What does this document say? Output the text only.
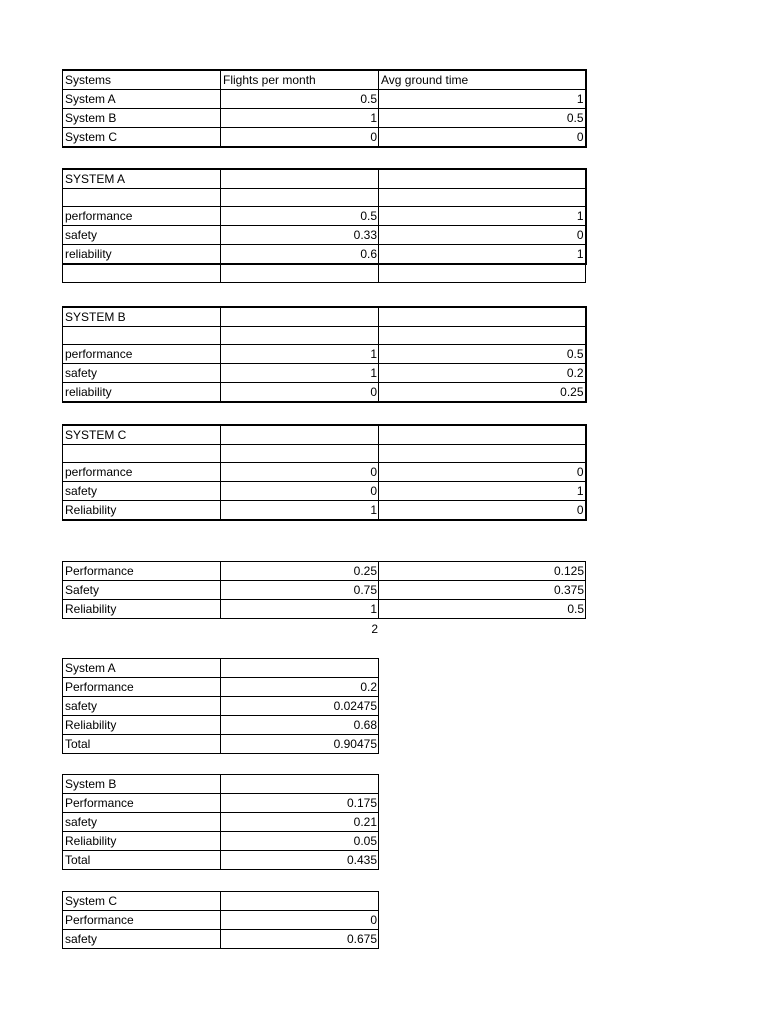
Systems	Flights per month	Avg ground time
System A	0.5	1
System B	1	0.5
System C	0	0
SYSTEM A		

performance	0.5	1
safety	0.33	0
reliability	0.6	1

SYSTEM B		

performance	1	0.5
safety	1	0.2
reliability	0	0.25
SYSTEM C		

performance	0	0
safety	0	1
Reliability	1	0
Performance	0.25	0.125
Safety	0.75	0.375
Reliability	1	0.5
2
System A	
Performance	0.2
safety	0.02475
Reliability	0.68
Total	0.90475
System B	
Performance	0.175
safety	0.21
Reliability	0.05
Total	0.435
System C	
Performance	0
safety	0.675
